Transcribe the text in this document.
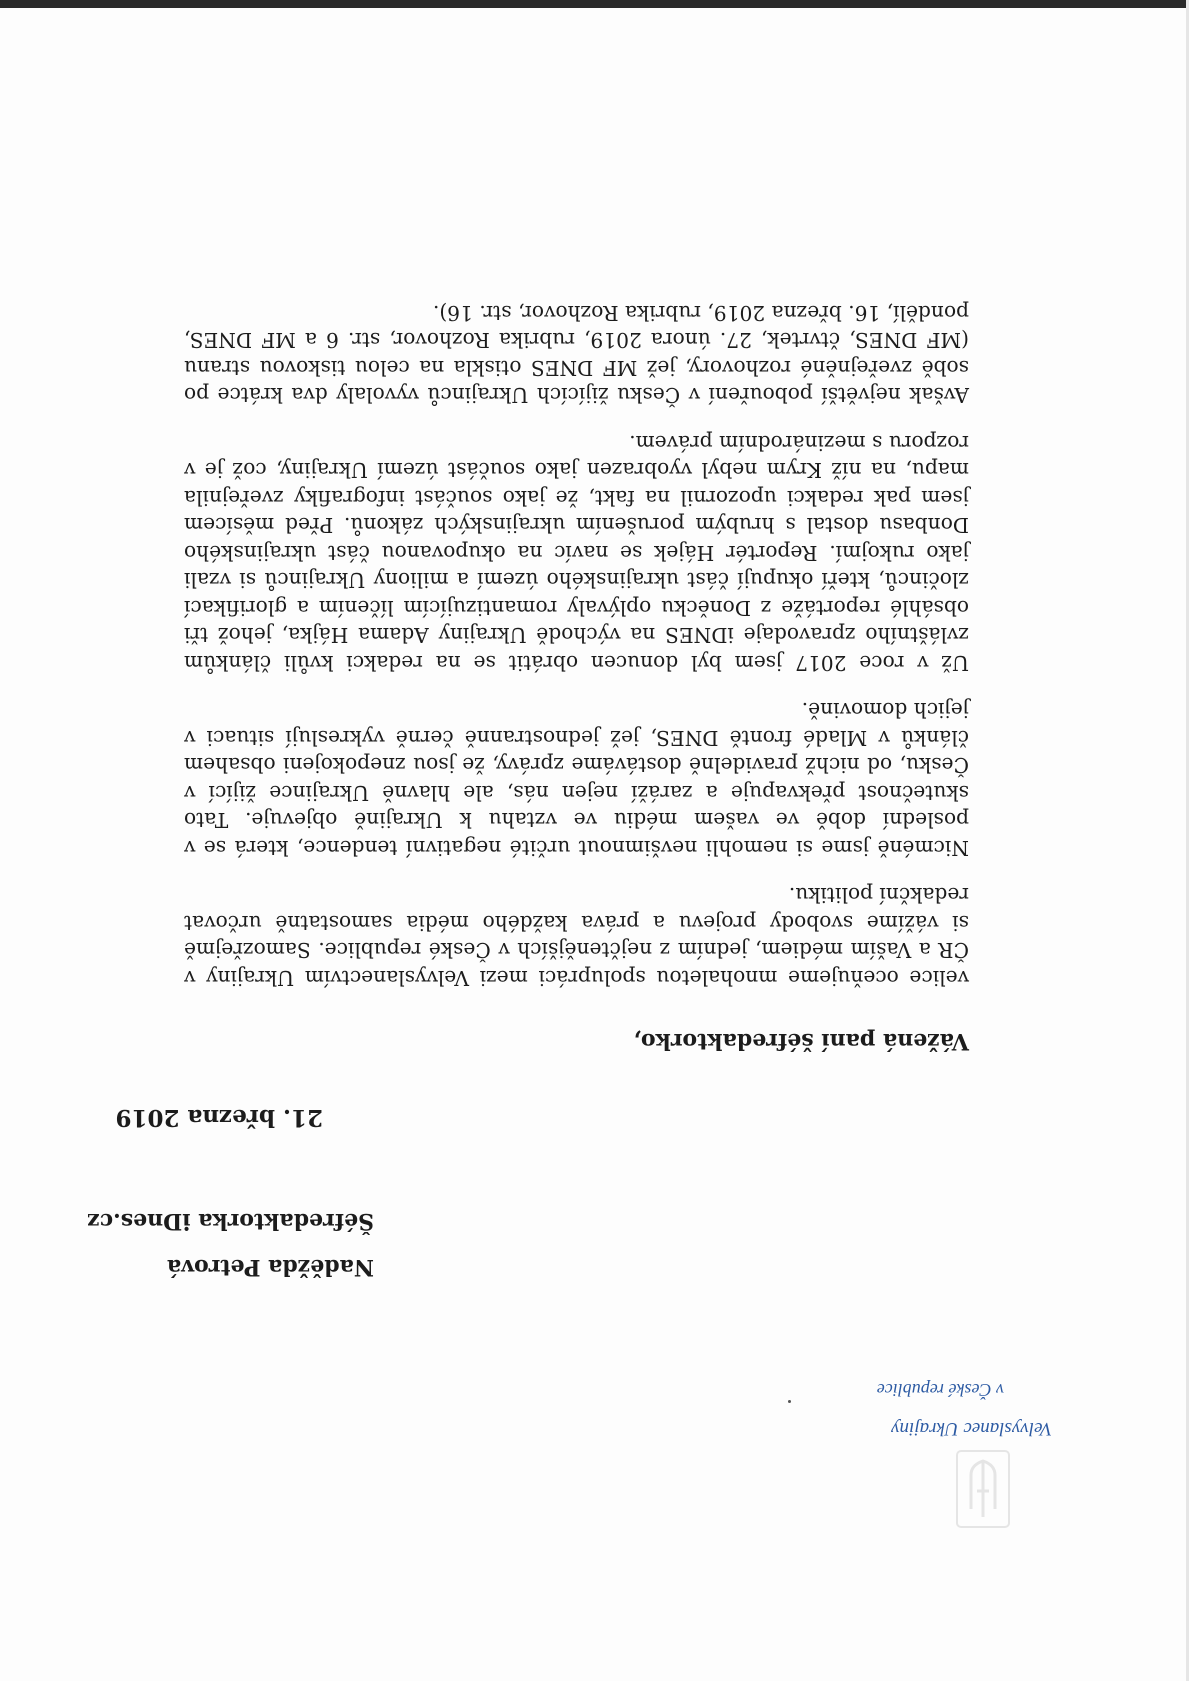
Velvyslanec Ukrajiny
v České republice
Naděžda Petrová
Šéfredaktorka iDnes.cz
21. března 2019
Vážená paní šéfredaktorko,

velice oceňujeme mnohaletou spolupráci mezi Velvyslanectvím Ukrajiny v ČR a Vaším médiem, jedním z nejčtenějších v České republice. Samozřejmě si vážíme svobody projevu a práva každého média samostatně určovat redakční politiku.

Nicméně jsme si nemohli nevšimnout určité negativní tendence, která se v poslední době ve vašem médiu ve vztahu k Ukrajině objevuje. Tato skutečnost překvapuje a zaráží nejen nás, ale hlavně Ukrajince žijící v Česku, od nichž pravidelně dostáváme zprávy, že jsou znepokojeni obsahem článků v Mladé frontě DNES, jež jednostranně černě vykreslují situaci v jejich domovině.

Už v roce 2017 jsem byl donucen obrátit se na redakci kvůli článkům zvláštního zpravodaje iDNES na východě Ukrajiny Adama Hájka, jehož tři obsáhlé reportáže z Doněcku oplývaly romantizujícím líčením a glorifikací zločinců, kteří okupují část ukrajinského území a miliony Ukrajinců si vzali jako rukojmí. Reportér Hájek se navíc na okupovanou část ukrajinského Donbasu dostal s hrubým porušením ukrajinských zákonů. Před měsícem jsem pak redakci upozornil na fakt, že jako součást infografiky zveřejnila mapu, na níž Krym nebyl vyobrazen jako součást území Ukrajiny, což je v rozporu s mezinárodním právem.

Avšak největší pobouření v Česku žijících Ukrajinců vyvolaly dva krátce po sobě zveřejněné rozhovory, jež MF DNES otiskla na celou tiskovou stranu (MF DNES, čtvrtek, 27. února 2019, rubrika Rozhovor, str. 6 a MF DNES, pondělí, 16. března 2019, rubrika Rozhovor, str. 16).
